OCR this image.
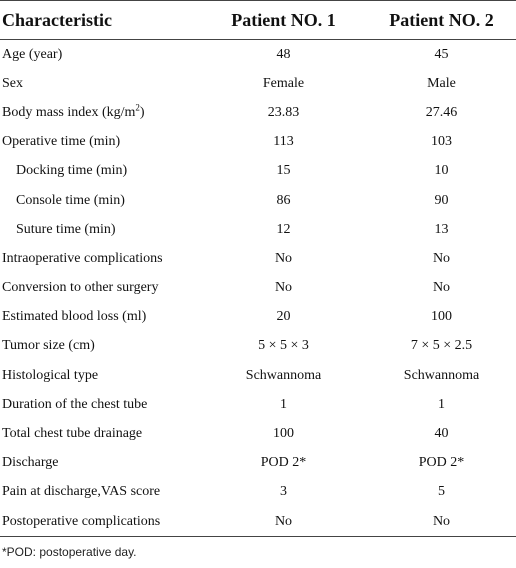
Characteristic	Patient NO. 1	Patient NO. 2
Age (year)	48	45
Sex	Female	Male
Body mass index $(kg/m^2)$	23.83	27.46
Operative time (min)	113	103
Docking time (min)	15	10
Console time (min)	86	90
Suture time (min)	12	13
Intraoperative complications	No	No
Conversion to other surgery	No	No
Estimated blood loss (ml)	20	100
Tumor size (cm)	5 × 5 × 3	7 × 5 × 2.5
Histological type	Schwannoma	Schwannoma
Duration of the chest tube	1	1
Total chest tube drainage	100	40
Discharge	POD 2*	POD 2*
Pain at discharge,VAS score	3	5
Postoperative complications	No	No
*POD: postoperative day.
